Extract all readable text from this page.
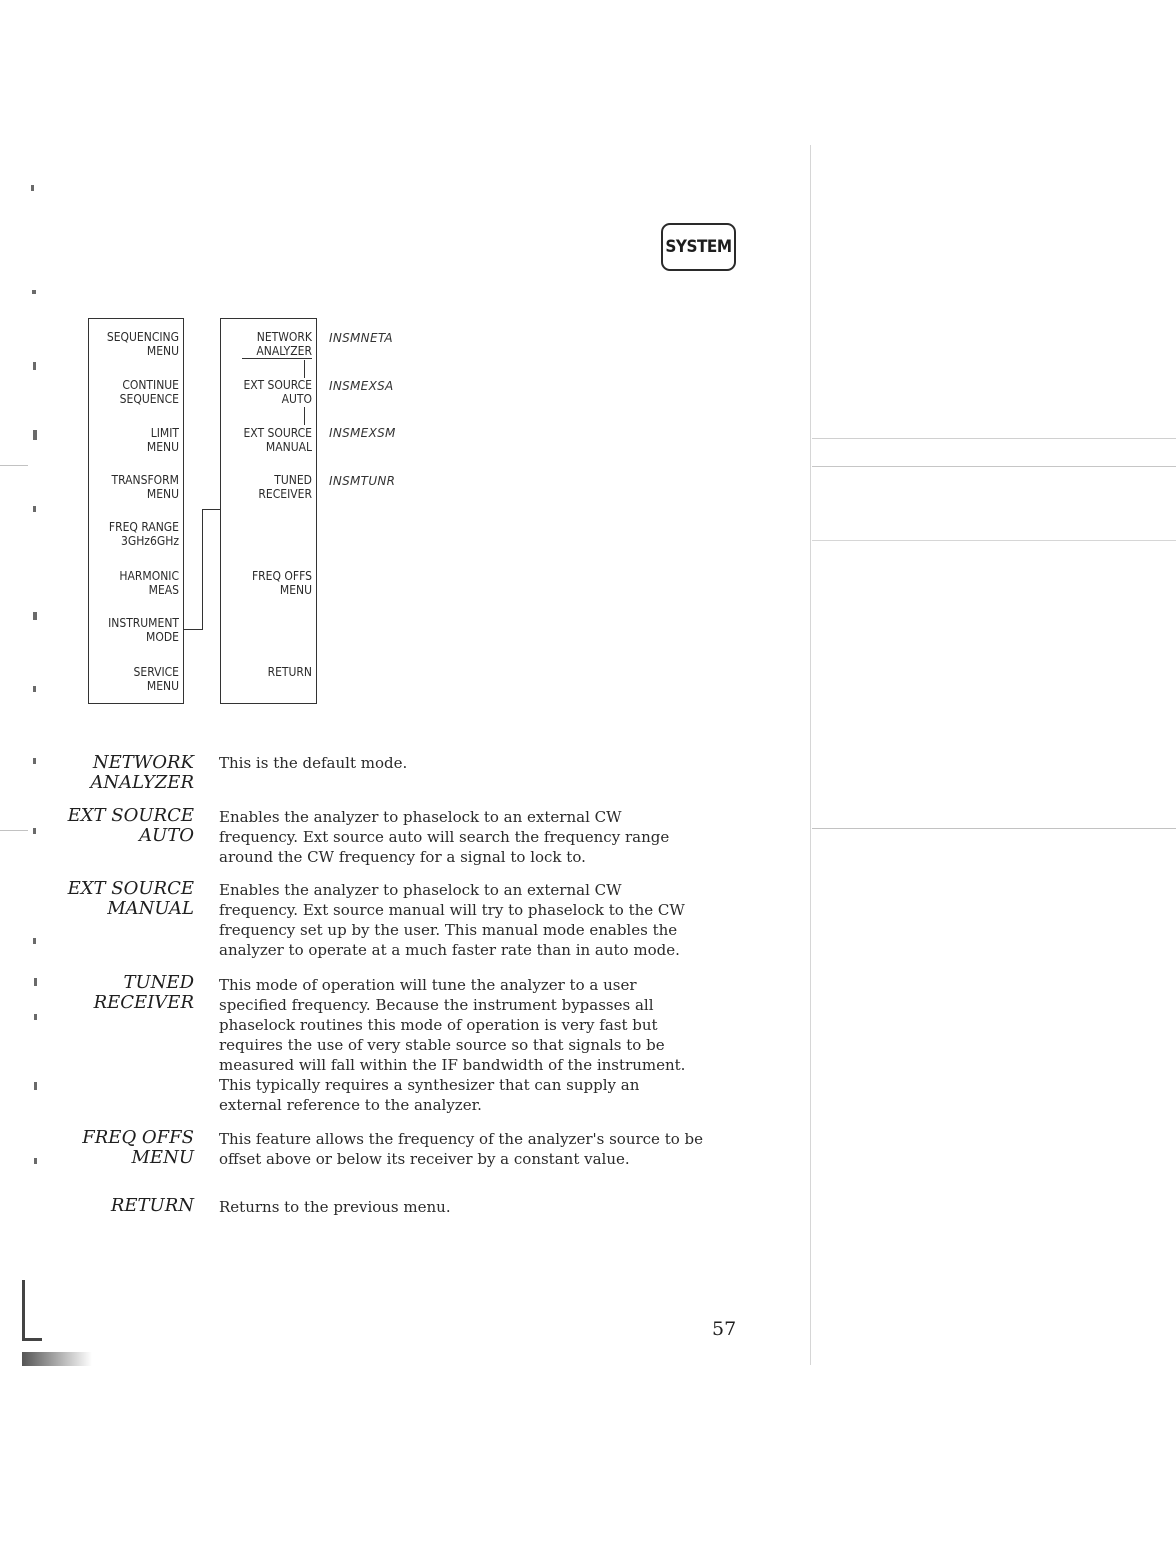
SYSTEM
SEQUENCING
MENU
CONTINUE
SEQUENCE
LIMIT
MENU
TRANSFORM
MENU
FREQ RANGE
3GHz6GHz
HARMONIC
MEAS
INSTRUMENT
MODE
SERVICE
MENU
NETWORK
ANALYZER
EXT SOURCE
AUTO
EXT SOURCE
MANUAL
TUNED
RECEIVER
FREQ OFFS
MENU
RETURN
INSMNETA
INSMEXSA
INSMEXSM
INSMTUNR
NETWORK
ANALYZER
This is the default mode.
EXT SOURCE
AUTO
Enables the analyzer to phaselock to an external CW frequency. Ext source auto will search the frequency range around the CW frequency for a signal to lock to.
EXT SOURCE
MANUAL
Enables the analyzer to phaselock to an external CW frequency. Ext source manual will try to phaselock to the CW frequency set up by the user. This manual mode enables the analyzer to operate at a much faster rate than in auto mode.
TUNED
RECEIVER
This mode of operation will tune the analyzer to a user specified frequency. Because the instrument bypasses all phaselock routines this mode of operation is very fast but requires the use of very stable source so that signals to be measured will fall within the IF bandwidth of the instrument. This typically requires a synthesizer that can supply an external reference to the analyzer.
FREQ OFFS
MENU
This feature allows the frequency of the analyzer's source to be offset above or below its receiver by a constant value.
RETURN Returns to the previous menu.
57
